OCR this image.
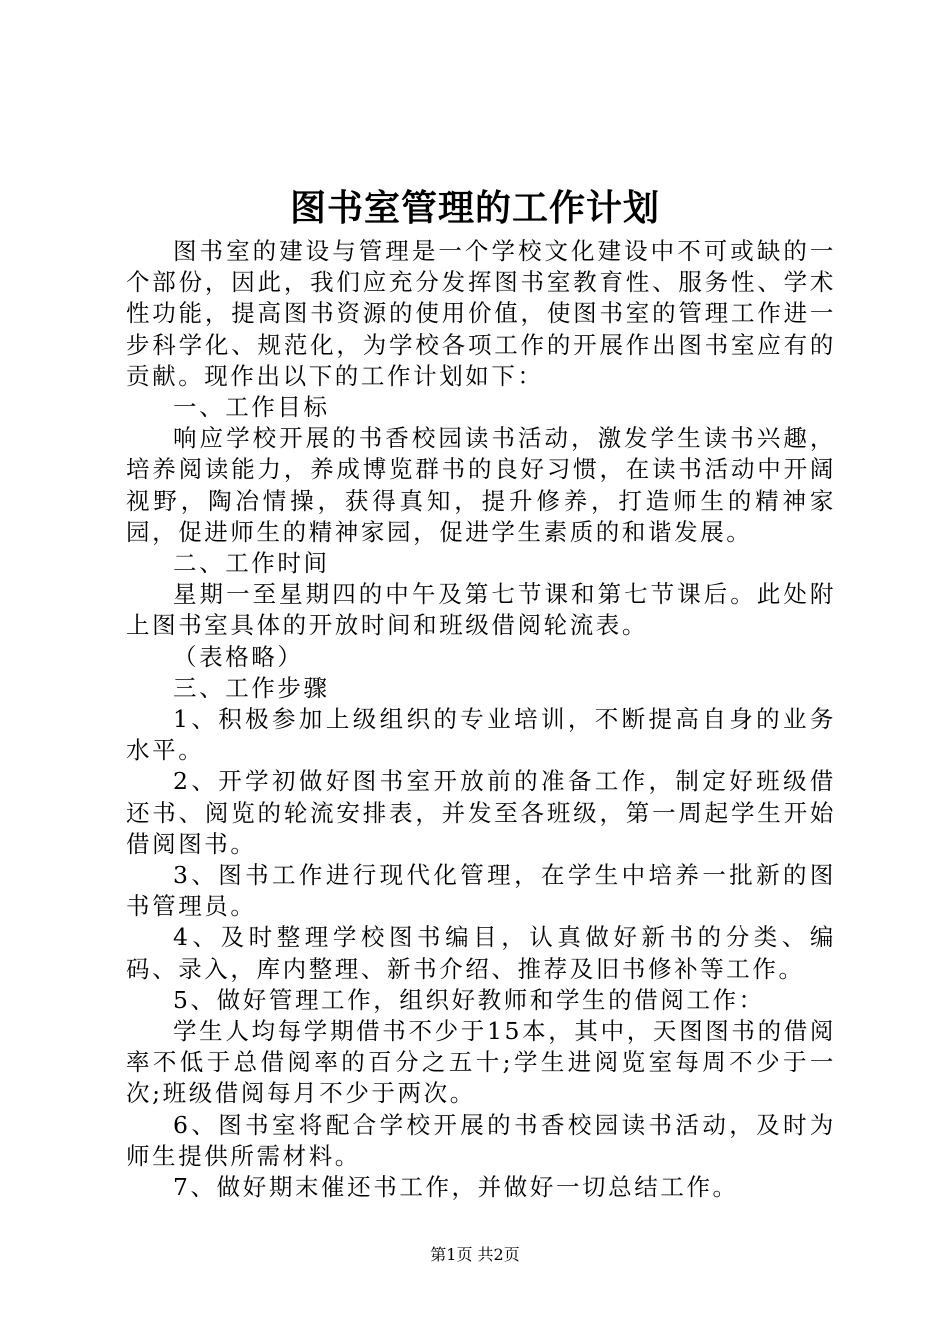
图书室管理的工作计划

图书室的建设与管理是一个学校文化建设中不可或缺的一个部份，因此，我们应充分发挥图书室教育性、服务性、学术性功能，提高图书资源的使用价值，使图书室的管理工作进一步科学化、规范化，为学校各项工作的开展作出图书室应有的贡献。现作出以下的工作计划如下：

一、工作目标

响应学校开展的书香校园读书活动，激发学生读书兴趣，培养阅读能力，养成博览群书的良好习惯，在读书活动中开阔视野，陶冶情操，获得真知，提升修养，打造师生的精神家园，促进师生的精神家园，促进学生素质的和谐发展。

二、工作时间

星期一至星期四的中午及第七节课和第七节课后。此处附上图书室具体的开放时间和班级借阅轮流表。

（表格略）

三、工作步骤

1、积极参加上级组织的专业培训，不断提高自身的业务水平。

2、开学初做好图书室开放前的准备工作，制定好班级借还书、阅览的轮流安排表，并发至各班级，第一周起学生开始借阅图书。

3、图书工作进行现代化管理，在学生中培养一批新的图书管理员。

4、及时整理学校图书编目，认真做好新书的分类、编码、录入，库内整理、新书介绍、推荐及旧书修补等工作。

5、做好管理工作，组织好教师和学生的借阅工作：

学生人均每学期借书不少于15本，其中，天图图书的借阅率不低于总借阅率的百分之五十;学生进阅览室每周不少于一次;班级借阅每月不少于两次。

6、图书室将配合学校开展的书香校园读书活动，及时为师生提供所需材料。

7、做好期末催还书工作，并做好一切总结工作。

第1页 共2页
